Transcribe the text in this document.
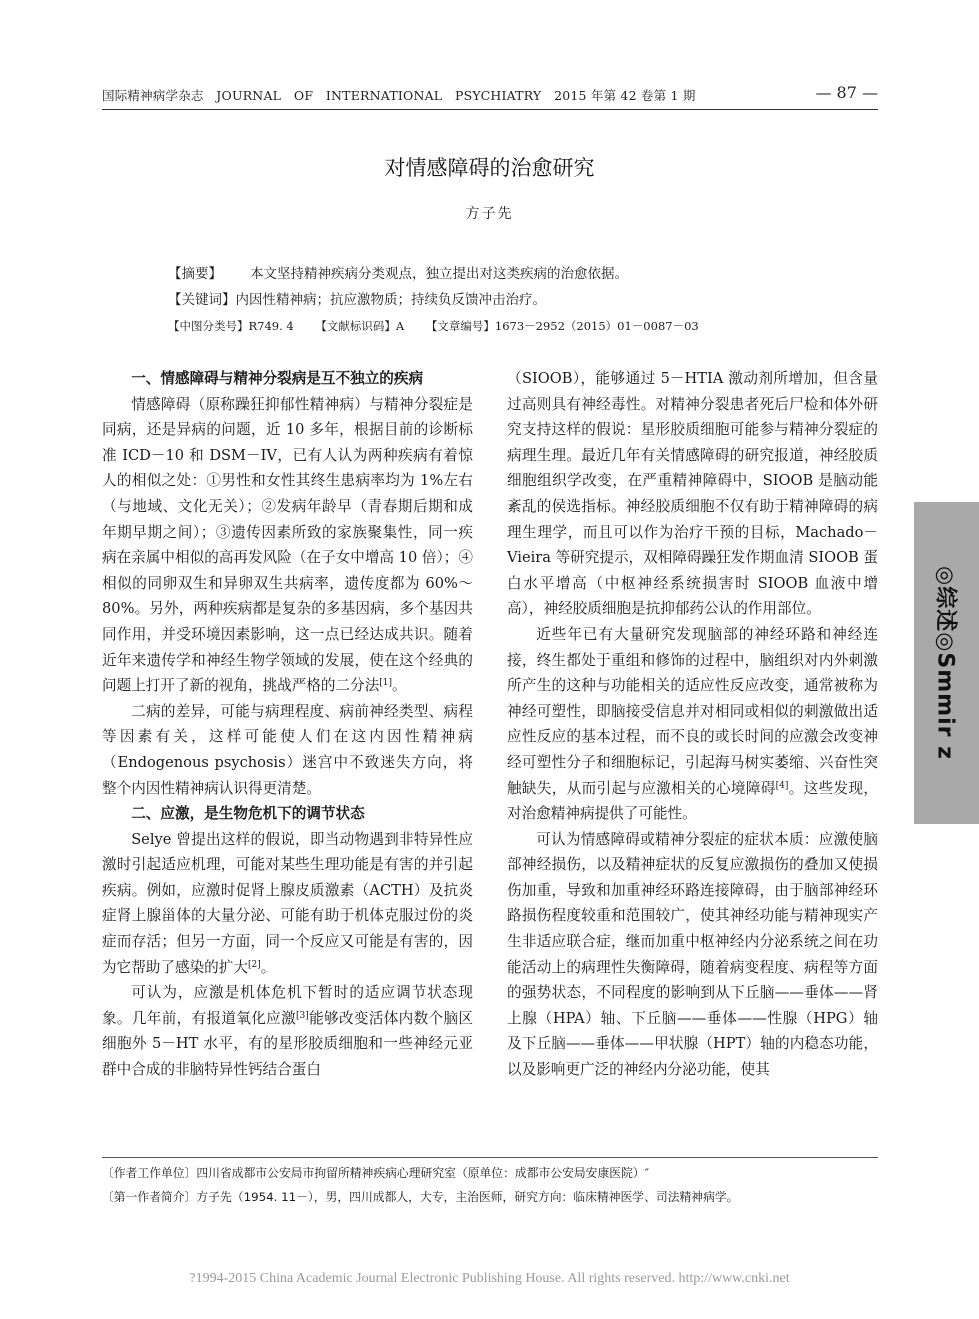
国际精神病学杂志　JOURNAL　OF　INTERNATIONAL　PSYCHIATRY　2015 年第 42 卷第 1 期	— 87 —
对情感障碍的治愈研究
方子先
【摘要】 本文坚持精神疾病分类观点，独立提出对这类疾病的治愈依据。
【关键词】内因性精神病；抗应激物质；持续负反馈冲击治疗。
【中图分类号】R749. 4 【文献标识码】A 【文章编号】1673－2952（2015）01－0087－03
一、情感障碍与精神分裂病是互不独立的疾病

情感障碍（原称躁狂抑郁性精神病）与精神分裂症是同病，还是异病的问题，近 10 多年，根据目前的诊断标准 ICD－10 和 DSM－IV，已有人认为两种疾病有着惊人的相似之处：①男性和女性其终生患病率均为 1%左右（与地域、文化无关）；②发病年龄早（青春期后期和成年期早期之间）；③遗传因素所致的家族聚集性，同一疾病在亲属中相似的高再发风险（在子女中增高 10 倍）；④相似的同卵双生和异卵双生共病率，遗传度都为 60%～80%。另外，两种疾病都是复杂的多基因病，多个基因共同作用，并受环境因素影响，这一点已经达成共识。随着近年来遗传学和神经生物学领域的发展，使在这个经典的问题上打开了新的视角，挑战严格的二分法[1]。

二病的差异，可能与病理程度、病前神经类型、病程等因素有关，这样可能使人们在这内因性精神病（Endogenous psychosis）迷宫中不致迷失方向，将整个内因性精神病认识得更清楚。

二、应激，是生物危机下的调节状态

Selye 曾提出这样的假说，即当动物遇到非特异性应激时引起适应机理，可能对某些生理功能是有害的并引起疾病。例如，应激时促肾上腺皮质激素（ACTH）及抗炎症肾上腺甾体的大量分泌、可能有助于机体克服过份的炎症而存活；但另一方面，同一个反应又可能是有害的，因为它帮助了感染的扩大[2]。

可认为，应激是机体危机下暂时的适应调节状态现象。几年前，有报道氧化应激[3]能够改变活体内数个脑区细胞外 5－HT 水平，有的星形胶质细胞和一些神经元亚群中合成的非脑特异性钙结合蛋白

（SIOOB），能够通过 5－HTIA 激动剂所增加，但含量过高则具有神经毒性。对精神分裂患者死后尸检和体外研究支持这样的假说：星形胶质细胞可能参与精神分裂症的病理生理。最近几年有关情感障碍的研究报道，神经胶质细胞组织学改变，在严重精神障碍中，SIOOB 是脑动能紊乱的侯选指标。神经胶质细胞不仅有助于精神障碍的病理生理学，而且可以作为治疗干预的目标，Machado－Vieira 等研究提示，双相障碍躁狂发作期血清 SIOOB 蛋白水平增高（中枢神经系统损害时 SIOOB 血液中增高），神经胶质细胞是抗抑郁药公认的作用部位。

近些年已有大量研究发现脑部的神经环路和神经连接，终生都处于重组和修饰的过程中，脑组织对内外刺激所产生的这种与功能相关的适应性反应改变，通常被称为神经可塑性，即脑接受信息并对相同或相似的刺激做出适应性反应的基本过程，而不良的或长时间的应激会改变神经可塑性分子和细胞标记，引起海马树实萎缩、兴奋性突触缺失，从而引起与应激相关的心境障碍[4]。这些发现，对治愈精神病提供了可能性。

可认为情感障碍或精神分裂症的症状本质：应激使脑部神经损伤，以及精神症状的反复应激损伤的叠加又使损伤加重，导致和加重神经环路连接障碍，由于脑部神经环路损伤程度较重和范围较广，使其神经功能与精神现实产生非适应联合症，继而加重中枢神经内分泌系统之间在功能活动上的病理性失衡障碍，随着病变程度、病程等方面的强势状态，不同程度的影响到从下丘脑——垂体——肾上腺（HPA）轴、下丘脑——垂体——性腺（HPG）轴及下丘脑——垂体——甲状腺（HPT）轴的内稳态功能，以及影响更广泛的神经内分泌功能，使其

◎综述◎Smmir z
〔作者工作单位〕四川省成都市公安局市拘留所精神疾病心理研究室（原单位：成都市公安局安康医院）″
〔第一作者简介〕方子先（1954. 11－），男，四川成都人，大专，主治医师，研究方向：临床精神医学、司法精神病学。
?1994-2015 China Academic Journal Electronic Publishing House. All rights reserved. http://www.cnki.net
